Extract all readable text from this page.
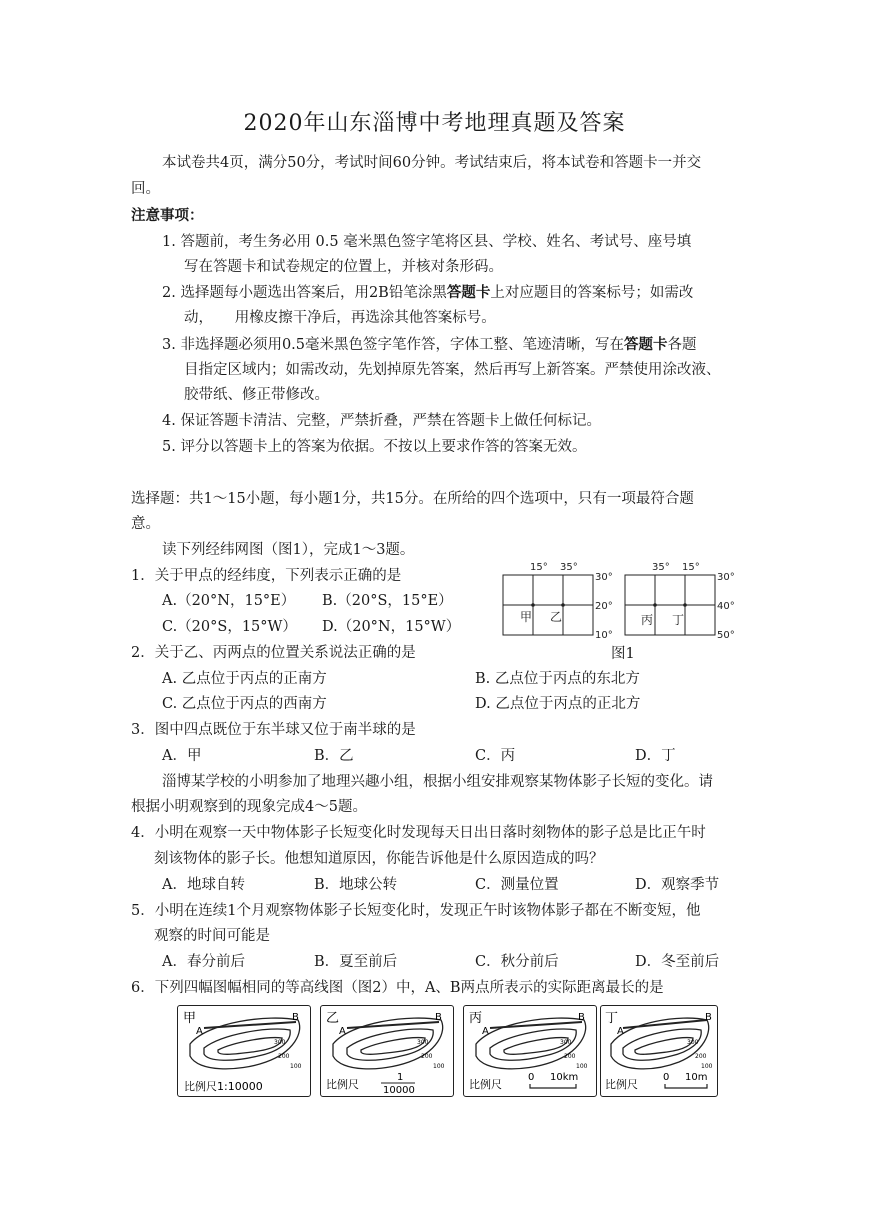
2020年山东淄博中考地理真题及答案
本试卷共4页，满分50分，考试时间60分钟。考试结束后，将本试卷和答题卡一并交
回。
注意事项：
1. 答题前，考生务必用 0.5 毫米黑色签字笔将区县、学校、姓名、考试号、座号填
写在答题卡和试卷规定的位置上，并核对条形码。
2. 选择题每小题选出答案后，用2B铅笔涂黑答题卡上对应题目的答案标号；如需改
动，　　用橡皮擦干净后，再选涂其他答案标号。
3. 非选择题必须用0.5毫米黑色签字笔作答，字体工整、笔迹清晰，写在答题卡各题
目指定区域内；如需改动，先划掉原先答案，然后再写上新答案。严禁使用涂改液、
胶带纸、修正带修改。
4. 保证答题卡清洁、完整，严禁折叠，严禁在答题卡上做任何标记。
5. 评分以答题卡上的答案为依据。不按以上要求作答的答案无效。
选择题：共1～15小题，每小题1分，共15分。在所给的四个选项中，只有一项最符合题
意。
读下列经纬网图（图1），完成1～3题。
1．关于甲点的经纬度，下列表示正确的是
A.（20°N，15°E） B.（20°S，15°E）
C.（20°S，15°W） D.（20°N，15°W）
15° 35°
30°
20°
10°
35° 15°
30°
40°
50°
甲 乙	丙 丁
图1
2．关于乙、丙两点的位置关系说法正确的是
A. 乙点位于丙点的正南方	B. 乙点位于丙点的东北方
C. 乙点位于丙点的西南方	D. 乙点位于丙点的正北方
3．图中四点既位于东半球又位于南半球的是
A．甲	B．乙	C．丙	D．丁
淄博某学校的小明参加了地理兴趣小组，根据小组安排观察某物体影子长短的变化。请
根据小明观察到的现象完成4～5题。
4．小明在观察一天中物体影子长短变化时发现每天日出日落时刻物体的影子总是比正午时
刻该物体的影子长。他想知道原因，你能告诉他是什么原因造成的吗？
A．地球自转	B．地球公转	C．测量位置	D．观察季节
5．小明在连续1个月观察物体影子长短变化时，发现正午时该物体影子都在不断变短，他
观察的时间可能是
A．春分前后	B．夏至前后	C．秋分前后	D．冬至前后
6．下列四幅图幅相同的等高线图（图2）中，A、B两点所表示的实际距离最长的是
甲
A
B
300
200
100
比例尺1:10000
乙
A
B
300
200
100
比例尺
1
10000
丙
A
B
300
200
100
比例尺
0 10km
丁
A
B
300
200
100
比例尺
0 10m
